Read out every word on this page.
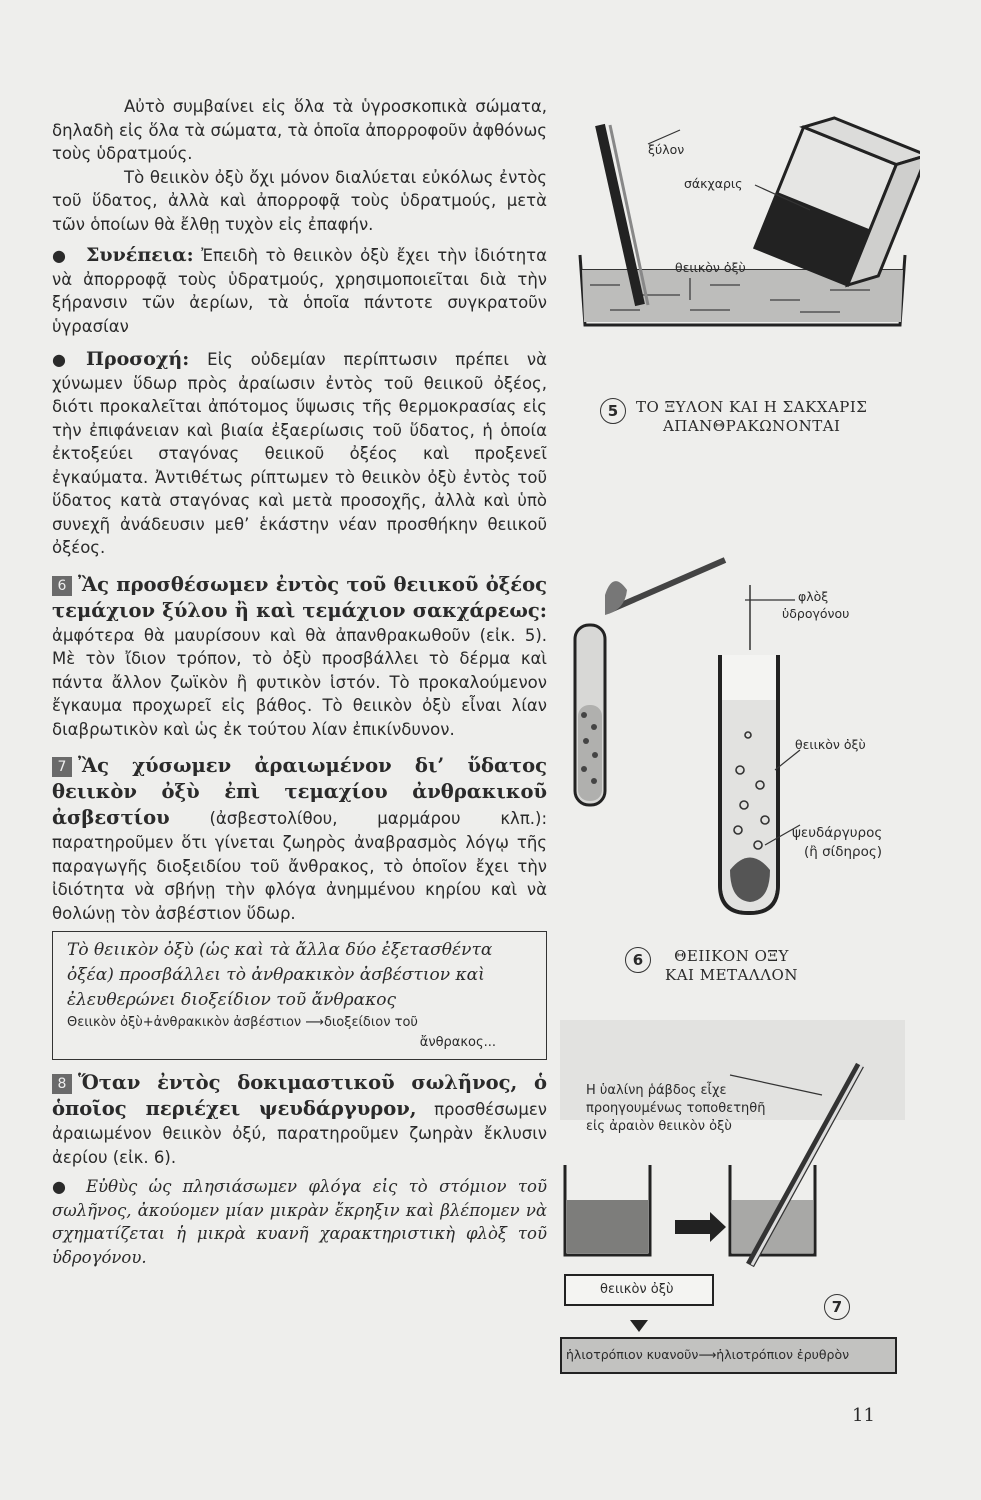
Αὐτὸ συμβαίνει εἰς ὅλα τὰ ὑγροσκοπικὰ σώματα, δηλαδὴ εἰς ὅλα τὰ σώματα, τὰ ὁποῖα ἀπορροφοῦν ἀφθόνως τοὺς ὑδρατμούς.

Τὸ θειικὸν ὀξὺ ὄχι μόνον διαλύεται εὐκόλως ἐντὸς τοῦ ὕδατος, ἀλλὰ καὶ ἀπορροφᾷ τοὺς ὑδρατμούς, μετὰ τῶν ὁποίων θὰ ἔλθῃ τυχὸν εἰς ἐπαφήν.

● Συνέπεια: Ἐπειδὴ τὸ θειικὸν ὀξὺ ἔχει τὴν ἰδιότητα νὰ ἀπορροφᾷ τοὺς ὑδρατμούς, χρησιμοποιεῖται διὰ τὴν ξήρανσιν τῶν ἀερίων, τὰ ὁποῖα πάντοτε συγκρατοῦν ὑγρασίαν

● Προσοχή: Εἰς οὐδεμίαν περίπτωσιν πρέπει νὰ χύνωμεν ὕδωρ πρὸς ἀραίωσιν ἐντὸς τοῦ θειικοῦ ὀξέος, διότι προκαλεῖται ἀπότομος ὕψωσις τῆς θερμοκρασίας εἰς τὴν ἐπιφάνειαν καὶ βιαία ἐξαερίωσις τοῦ ὕδατος, ἡ ὁποία ἐκτοξεύει σταγόνας θειικοῦ ὀξέος καὶ προξενεῖ ἐγκαύματα. Ἀντιθέτως ρίπτωμεν τὸ θειικὸν ὀξὺ ἐντὸς τοῦ ὕδατος κατὰ σταγόνας καὶ μετὰ προσοχῆς, ἀλλὰ καὶ ὑπὸ συνεχῆ ἀνάδευσιν μεθ’ ἑκάστην νέαν προσθήκην θειικοῦ ὀξέος.

6 Ἂς προσθέσωμεν ἐντὸς τοῦ θειικοῦ ὀξέος τεμάχιον ξύλου ἢ καὶ τεμάχιον σακχάρεως: ἀμφότερα θὰ μαυρίσουν καὶ θὰ ἀπανθρακωθοῦν (εἰκ. 5). Μὲ τὸν ἴδιον τρόπον, τὸ ὀξὺ προσβάλλει τὸ δέρμα καὶ πάντα ἄλλον ζωϊκὸν ἢ φυτικὸν ἱστόν. Τὸ προκαλούμενον ἔγκαυμα προχωρεῖ εἰς βάθος. Τὸ θειικὸν ὀξὺ εἶναι λίαν διαβρωτικὸν καὶ ὡς ἐκ τούτου λίαν ἐπικίνδυνον.

7 Ἂς χύσωμεν ἀραιωμένον δι’ ὕδατος θειικὸν ὀξὺ ἐπὶ τεμαχίου ἀνθρακικοῦ ἀσβεστίου (ἀσβεστολίθου, μαρμάρου κλπ.): παρατηροῦμεν ὅτι γίνεται ζωηρὸς ἀναβρασμὸς λόγῳ τῆς παραγωγῆς διοξειδίου τοῦ ἄνθρακος, τὸ ὁποῖον ἔχει τὴν ἰδιότητα νὰ σβήνῃ τὴν φλόγα ἀνημμένου κηρίου καὶ νὰ θολώνῃ τὸν ἀσβέστιον ὕδωρ.

Τὸ θειικὸν ὀξὺ (ὡς καὶ τὰ ἄλλα δύο ἐξετασθέντα ὀξέα) προσβάλλει τὸ ἀνθρακικὸν ἀσβέστιον καὶ ἐλευθερώνει διοξείδιον τοῦ ἄνθρακος
Θειικὸν ὀξὺ+ἀνθρακικὸν ἀσβέστιον ⟶διοξείδιον τοῦ
ἄνθρακος...

8 Ὅταν ἐντὸς δοκιμαστικοῦ σωλῆνος, ὁ ὁποῖος περιέχει ψευδάργυρον, προσθέσωμεν ἀραιωμένον θειικὸν ὀξύ, παρατηροῦμεν ζωηρὰν ἔκλυσιν ἀερίου (εἰκ. 6).

● Εὐθὺς ὡς πλησιάσωμεν φλόγα εἰς τὸ στόμιον τοῦ σωλῆνος, ἀκούομεν μίαν μικρὰν ἔκρηξιν καὶ βλέπομεν νὰ σχηματίζεται ἡ μικρὰ κυανῆ χαρακτηριστικὴ φλὸξ τοῦ ὑδρογόνου.

ξύλον
σάκχαρις
θειικὸν ὀξὺ
5	ΤΟ ΞΥΛΟΝ ΚΑΙ Η ΣΑΚΧΑΡΙΣ
ΑΠΑΝΘΡΑΚΩΝΟΝΤΑΙ
φλὸξ
ὑδρογόνου
θειικὸν ὀξὺ
ψευδάργυρος
(ἢ σίδηρος)
6	ΘΕΙΙΚΟΝ ΟΞΥ
ΚΑΙ ΜΕΤΑΛΛΟΝ
Η ὑαλίνη ῥάβδος εἶχε
προηγουμένως τοποθετηθῆ
εἰς ἀραιὸν θειικὸν ὀξὺ
θειικὸν ὀξὺ
ἡλιοτρόπιον κυανοῦν⟶ἡλιοτρόπιον ἐρυθρὸν
7
11
